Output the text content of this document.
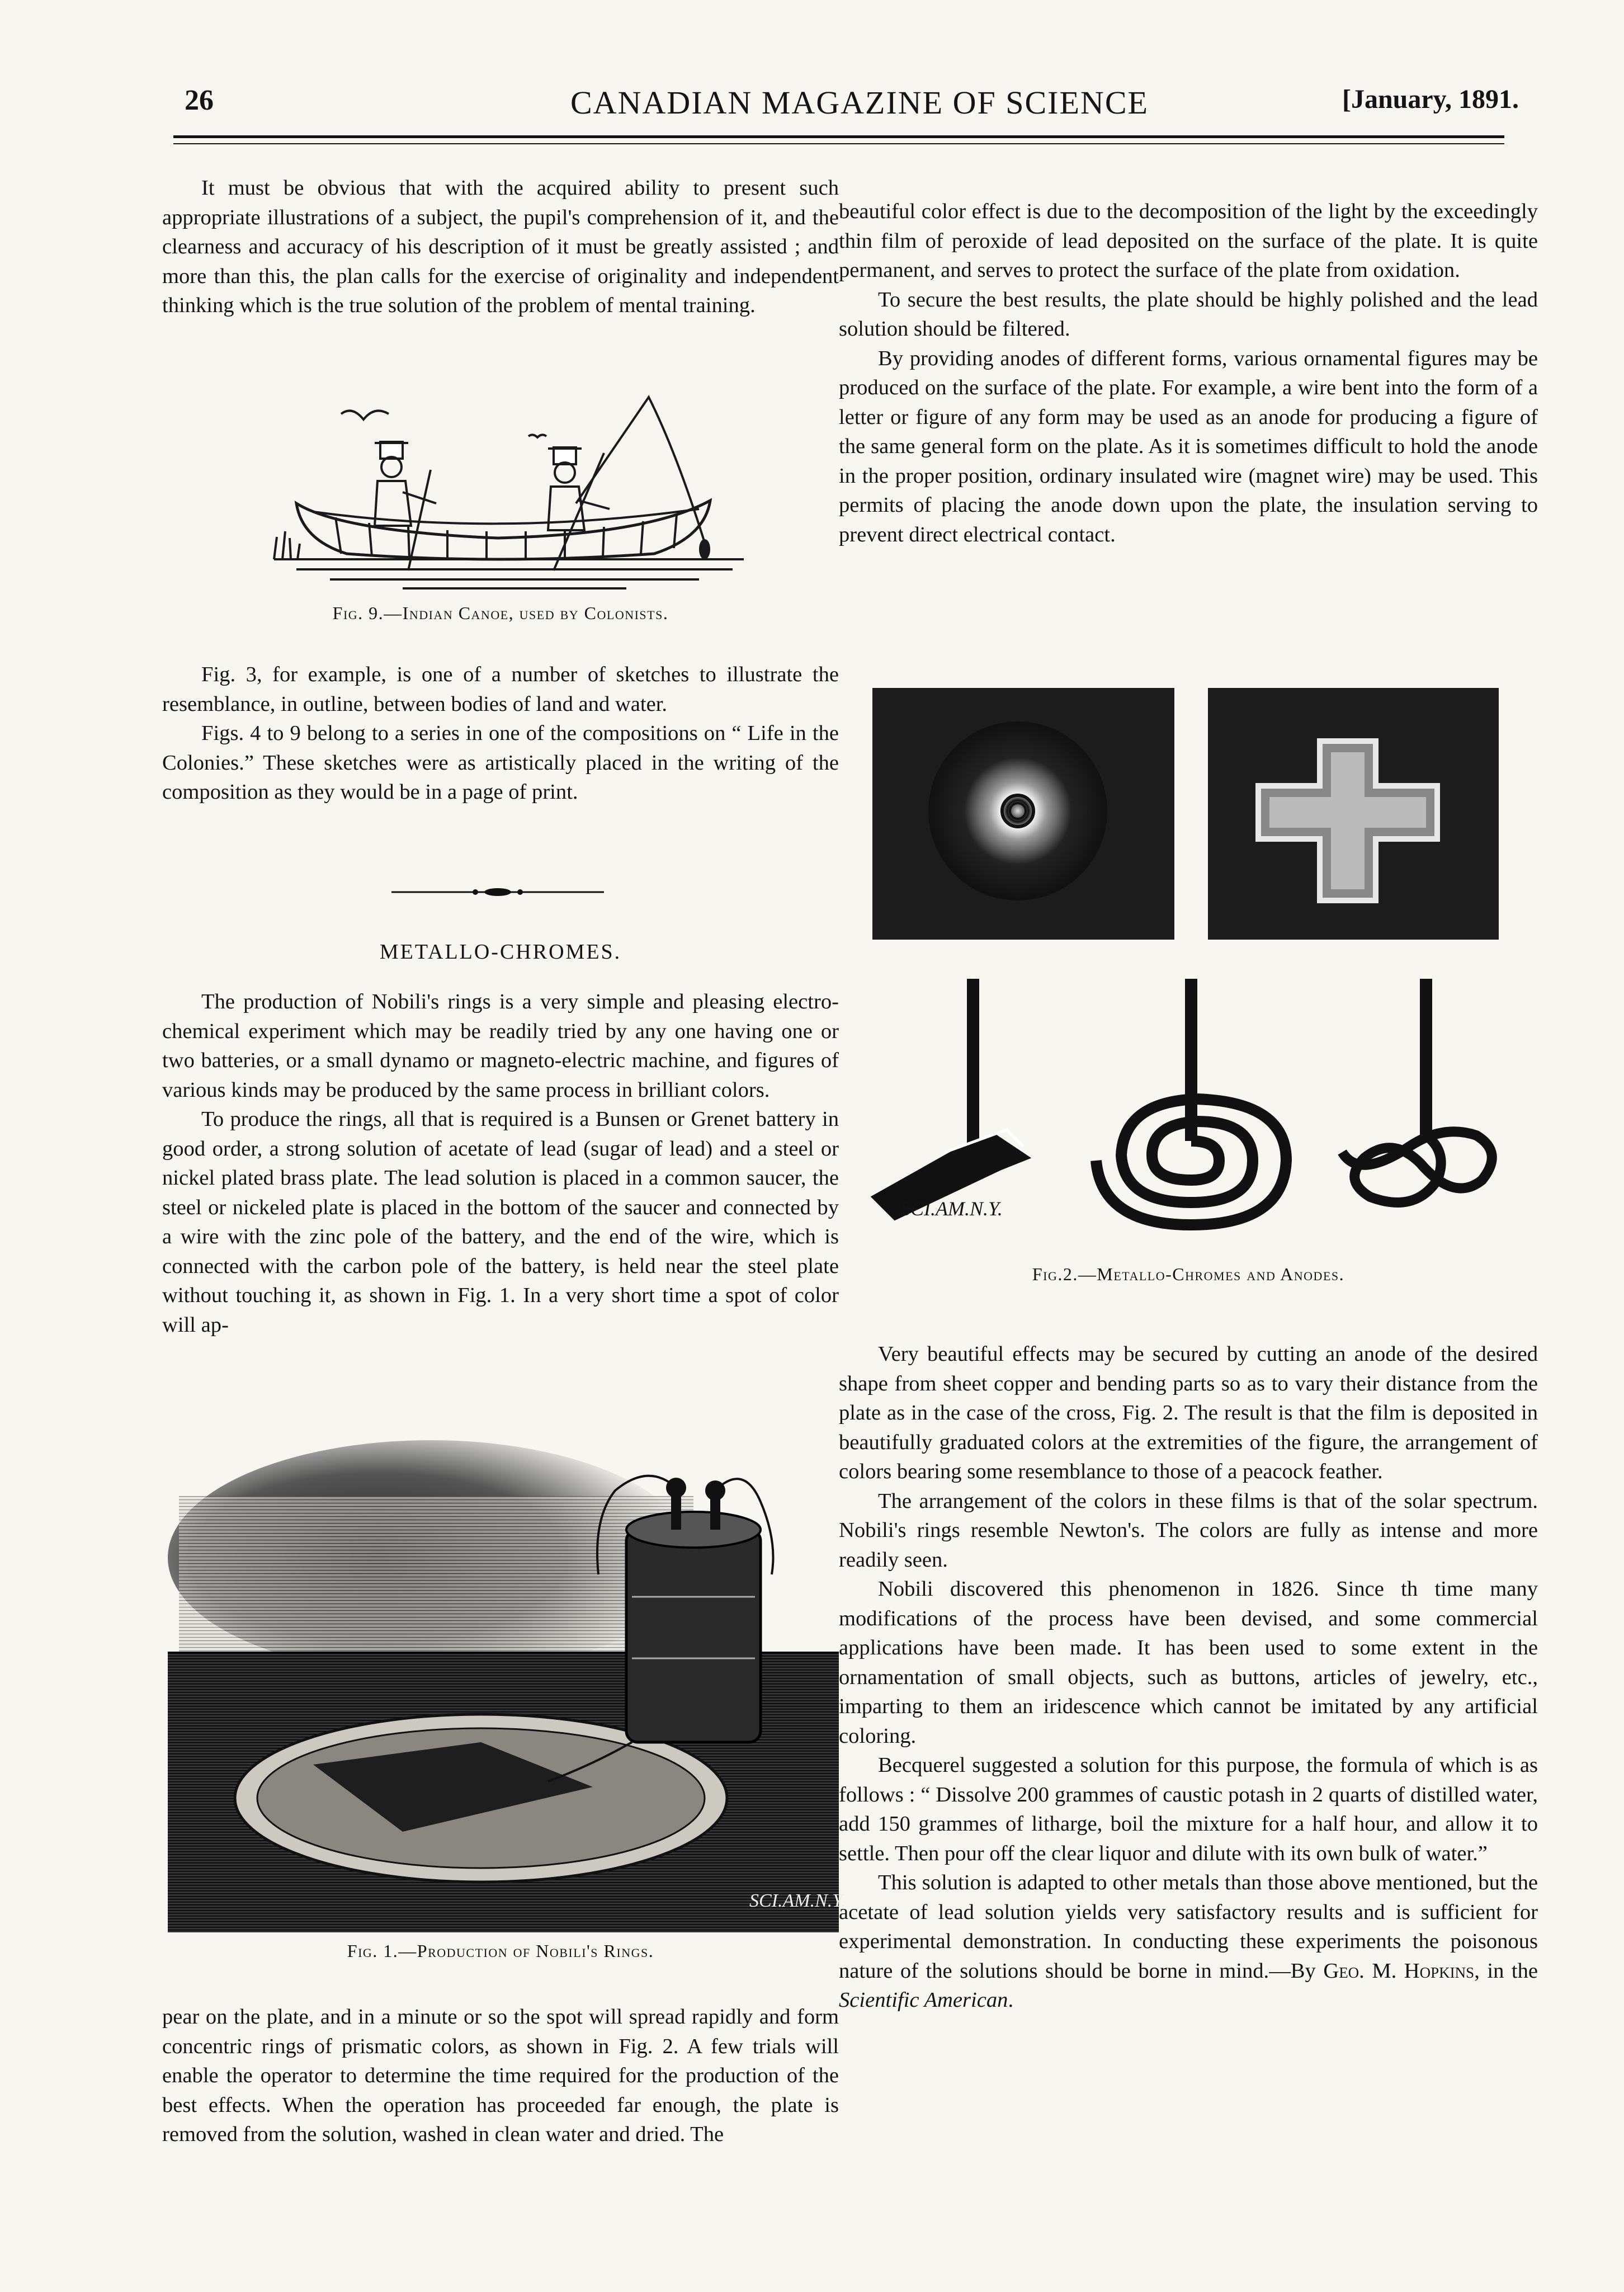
26	CANADIAN MAGAZINE OF SCIENCE	[January, 1891.

It must be obvious that with the acquired ability to present such appropriate illustrations of a subject, the pupil's comprehension of it, and the clearness and accuracy of his description of it must be greatly assisted ; and more than this, the plan calls for the exercise of originality and independent thinking which is the true solution of the problem of mental training.

Fig. 9.—Indian Canoe, used by Colonists.

Fig. 3, for example, is one of a number of sketches to illustrate the resemblance, in outline, between bodies of land and water.

Figs. 4 to 9 belong to a series in one of the compositions on “ Life in the Colonies.” These sketches were as artistically placed in the writing of the composition as they would be in a page of print.

METALLO-CHROMES.

The production of Nobili's rings is a very simple and pleasing electro-chemical experiment which may be readily tried by any one having one or two batteries, or a small dynamo or magneto-electric machine, and figures of various kinds may be produced by the same process in brilliant colors.

To produce the rings, all that is required is a Bunsen or Grenet battery in good order, a strong solution of acetate of lead (sugar of lead) and a steel or nickel plated brass plate. The lead solution is placed in a common saucer, the steel or nickeled plate is placed in the bottom of the saucer and connected by a wire with the zinc pole of the battery, and the end of the wire, which is connected with the carbon pole of the battery, is held near the steel plate without touching it, as shown in Fig. 1. In a very short time a spot of color will ap-

SCI.AM.N.Y.
Fig. 1.—Production of Nobili's Rings.

pear on the plate, and in a minute or so the spot will spread rapidly and form concentric rings of prismatic colors, as shown in Fig. 2. A few trials will enable the operator to determine the time required for the production of the best effects. When the operation has proceeded far enough, the plate is removed from the solution, washed in clean water and dried. The

beautiful color effect is due to the decomposition of the light by the exceedingly thin film of peroxide of lead deposited on the surface of the plate. It is quite permanent, and serves to protect the surface of the plate from oxidation.

To secure the best results, the plate should be highly polished and the lead solution should be filtered.

By providing anodes of different forms, various ornamental figures may be produced on the surface of the plate. For example, a wire bent into the form of a letter or figure of any form may be used as an anode for producing a figure of the same general form on the plate. As it is sometimes difficult to hold the anode in the proper position, ordinary insulated wire (magnet wire) may be used. This permits of placing the anode down upon the plate, the insulation serving to prevent direct electrical contact.

SCI.AM.N.Y.
Fig.2.—Metallo-Chromes and Anodes.

Very beautiful effects may be secured by cutting an anode of the desired shape from sheet copper and bending parts so as to vary their distance from the plate as in the case of the cross, Fig. 2. The result is that the film is deposited in beautifully graduated colors at the extremities of the figure, the arrangement of colors bearing some resemblance to those of a peacock feather.

The arrangement of the colors in these films is that of the solar spectrum. Nobili's rings resemble Newton's. The colors are fully as intense and more readily seen.

Nobili discovered this phenomenon in 1826. Since th time many modifications of the process have been devised, and some commercial applications have been made. It has been used to some extent in the ornamentation of small objects, such as buttons, articles of jewelry, etc., imparting to them an iridescence which cannot be imitated by any artificial coloring.

Becquerel suggested a solution for this purpose, the formula of which is as follows : “ Dissolve 200 grammes of caustic potash in 2 quarts of distilled water, add 150 grammes of litharge, boil the mixture for a half hour, and allow it to settle. Then pour off the clear liquor and dilute with its own bulk of water.”

This solution is adapted to other metals than those above mentioned, but the acetate of lead solution yields very satisfactory results and is sufficient for experimental demonstration. In conducting these experiments the poisonous nature of the solutions should be borne in mind.—By Geo. M. Hopkins, in the Scientific American.
